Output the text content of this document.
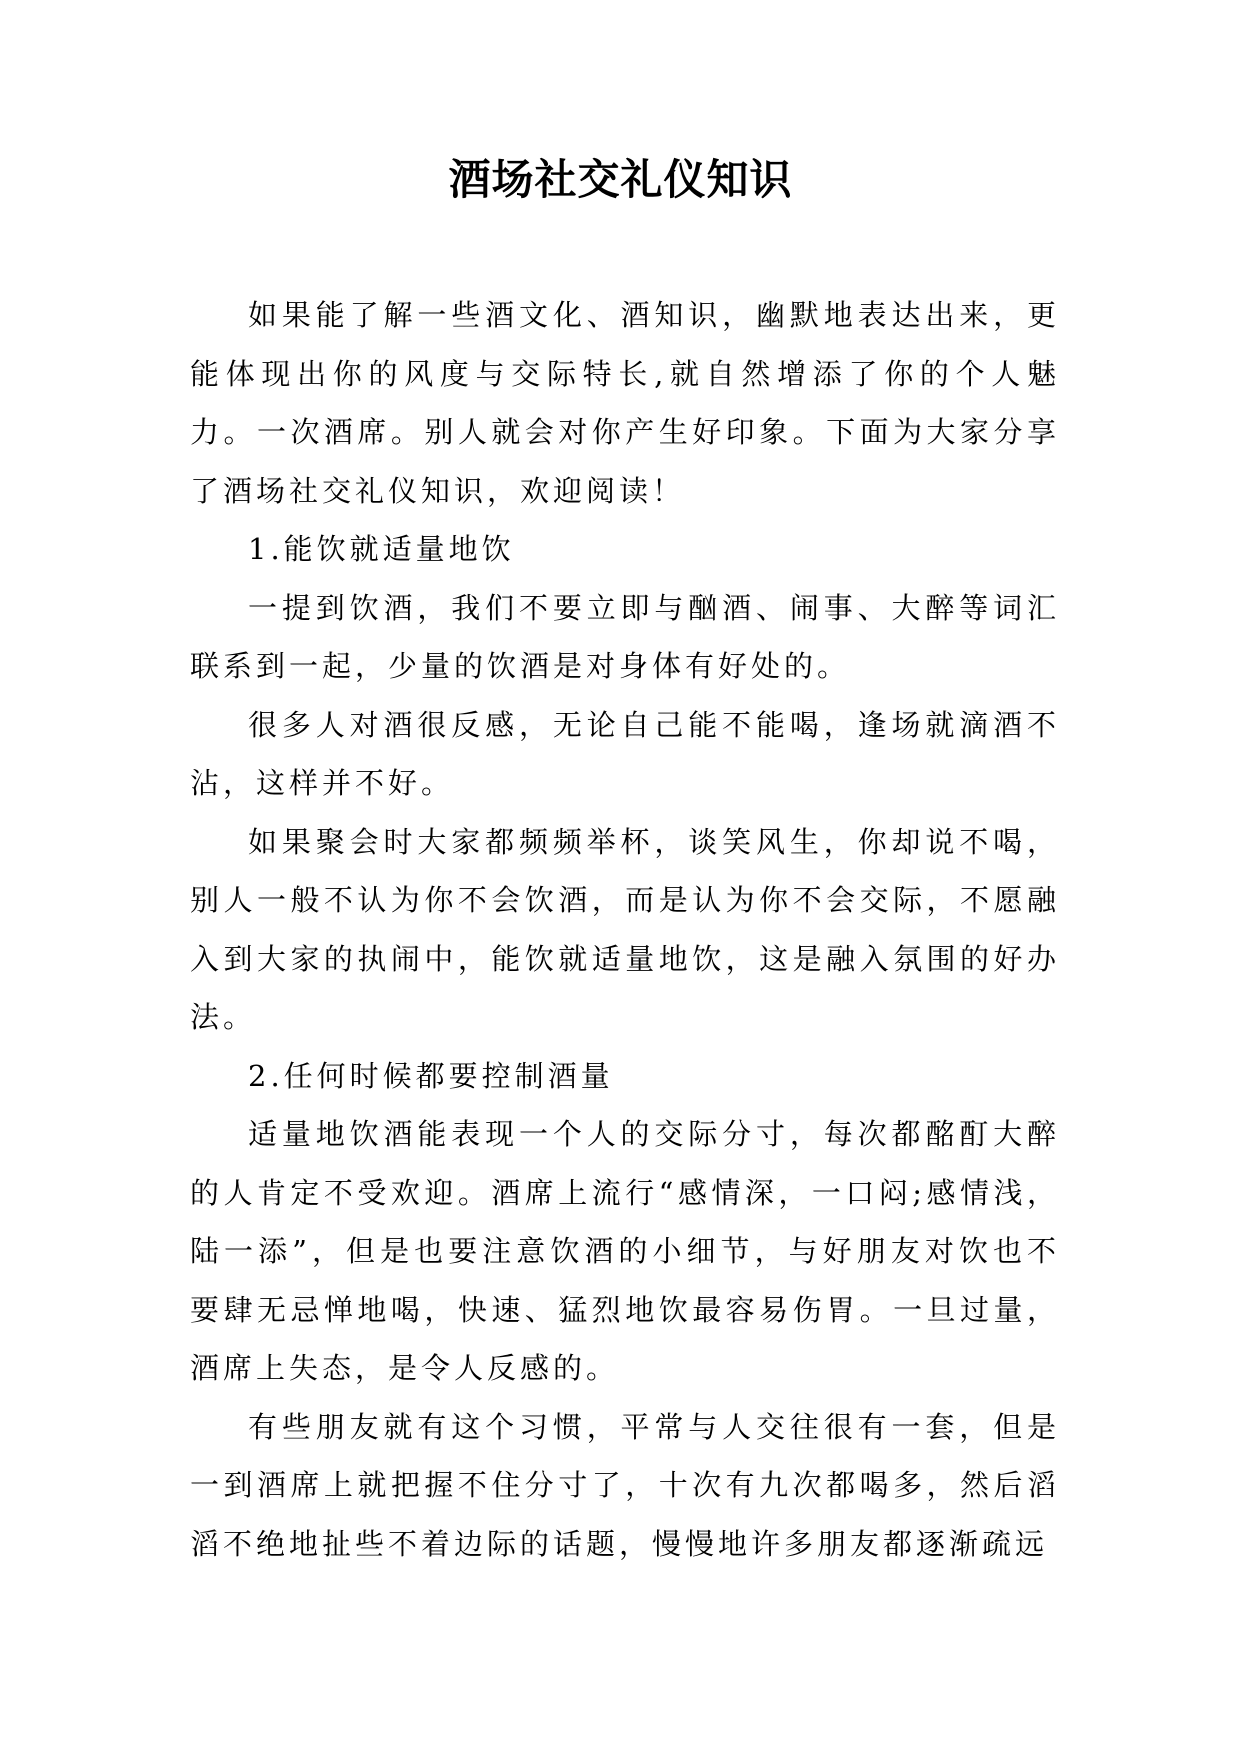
酒场社交礼仪知识

如果能了解一些酒文化、酒知识，幽默地表达出来，更能体现出你的风度与交际特长,就自然增添了你的个人魅力。一次酒席。别人就会对你产生好印象。下面为大家分享了酒场社交礼仪知识，欢迎阅读！

1.能饮就适量地饮

一提到饮酒，我们不要立即与酗酒、闹事、大醉等词汇联系到一起，少量的饮酒是对身体有好处的。

很多人对酒很反感，无论自己能不能喝，逢场就滴酒不沾，这样并不好。

如果聚会时大家都频频举杯，谈笑风生，你却说不喝，别人一般不认为你不会饮酒，而是认为你不会交际，不愿融入到大家的执闹中，能饮就适量地饮，这是融入氛围的好办法。

2.任何时候都要控制酒量

适量地饮酒能表现一个人的交际分寸，每次都酩酊大醉的人肯定不受欢迎。酒席上流行“感情深，一口闷;感情浅，陆一添”，但是也要注意饮酒的小细节，与好朋友对饮也不要肆无忌惮地喝，快速、猛烈地饮最容易伤胃。一旦过量，酒席上失态，是令人反感的。

有些朋友就有这个习惯，平常与人交往很有一套，但是一到酒席上就把握不住分寸了，十次有九次都喝多，然后滔滔不绝地扯些不着边际的话题，慢慢地许多朋友都逐渐疏远
